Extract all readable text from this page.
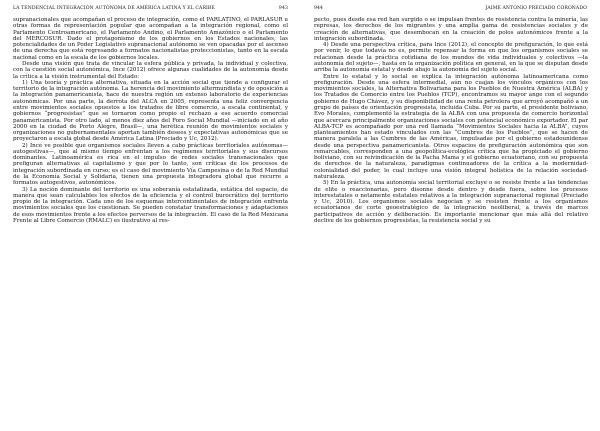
LA TENDENCIAL INTEGRACIÓN AUTÓNOMA DE AMÉRICA LATINA Y EL CARIBE	943

supranacionales que acompañan el proceso de integración, como el PARLATINO, el PARLASUR u otras formas de representación popular que acompañan a la integración regional, como el Parlamento Centroamericano, el Parlamento Andino, el Parlamento Amazónico o el Parlamento del MERCOSUR. Dado el protagonismo de los gobiernos en los Estados nacionales, las potencialidades de un Poder Legislativo supranacional autónomo se ven opacadas por el ascenso de una derecha que está regresando a formatos nacionalistas proteccionistas, tanto en la escala nacional como en la escala de los gobiernos locales.

Desde una visión que trata de vincular la esfera pública y privada, la individual y colectiva, con la cuestión social autonómica, Ince (2012) ofrece algunas cualidades de la autonomía desde la crítica a la visión instrumental del Estado:

1) Una teoría y práctica alternativa, situada en la acción social que tiende a configurar el territorio de la integración autónoma. La herencia del movimiento altermundista y de oposición a la integración panamericanista, hace de nuestra región un extenso laboratorio de experiencias autonómicas. Por una parte, la derrota del ALCA en 2005, representa una feliz convergencia entre movimientos sociales opuestos a los tratados de libre comercio, a escala continental, y gobiernos “progresistas” que se tornaron como propio el rechazo a ese acuerdo comercial panamericanista. Por otro lado, al menos diez años del Foro Social Mundial —iniciado en el año 2000 en la ciudad de Porto Alegre, Brasil—, una herética reunión de movimientos sociales y organizaciones no gubernamentales aportan también deseos y expectativas autonómicas que se proyectaron a escala global desde América Latina (Preciado y Uc, 2012).

2) Ince ve posible que organismos sociales lleven a cabo prácticas territoriales autónomas—autogestivas—, que al mismo tiempo enfrentan a los regímenes territoriales y sus discursos dominantes. Latinoamérica es rica en el impulso de redes sociales transnacionales que prefiguran alternativas al capitalismo y que por lo tanto, son críticas de los procesos de integración subordinada en curso; es el caso del movimiento Vía Campesina o de la Red Mundial de la Economía Social y Solidaria, tienen una propuesta integradora global que recurre a formatos autogestivos, autonómicos.

3) La noción dominante del territorio es una soberanía estatalizada, estática del espacio, de manera que sean calculables los efectos de la eficiencia y el control burocrático del territorio propio de la integración. Cada uno de los esquemas intercontinentales de integración enfrenta movimientos sociales que los cuestionan. Se pueden constatar transformaciones y adaptaciones de esos movimientos frente a los efectos perversos de la integración. El caso de la Red Mexicana Frente al Libre Comercio (RMALC) es ilustrativo al res-

944	JAIME ANTONIO PRECIADO CORONADO

pecto, pues desde esa red han surgido o se impulsan frentes de resistencia contra la minería, las represas, los derechos de los migrantes y una amplia gama de resistencias sociales y de creación de alternativas, que desembocan en la creación de polos autonómicos frente a la integración subordinada.

4) Desde una perspectiva crítica, para Ince (2012), el concepto de prefiguración, lo que está por venir, lo que todavía no es, permite repensar la forma en que los organismos sociales se relacionan desde la práctica cotidiana de los mundos de vida individuales y colectivos —la autonomía del sujeto—, hasta en la organización política en general, en la que se disputan desde arriba la autonomía estatal y desde abajo la autonomía del sujeto social.

Entre lo estatal y lo social se explica la integración autónoma latinoamericana como prefiguración. Desde una esfera intermedial, aún no cuajan los vínculos orgánicos con los movimientos sociales, la Alternativa Bolivariana para los Pueblos de Nuestra América (ALBA) y los Tratados de Comercio entre los Pueblos (TCP), encontramos su mayor ange con el segundo gobierno de Hugo Chávez, y su disponibilidad de una renta petrolera que arroyó acompañó a un grupo de países de orientación progresista, incluida Cuba. Por su parte, el presidente boliviano, Evo Morales, complementó la estrategia de la ALBA con una propuesta de comercio horizontal que acercara principalmente organizaciones sociales con potencial económico exportador. El par ALBA-TCP es acompañado por una red llamada “Movimientos Sociales hacia la ALBA”, cuyos planteamientos han estado vinculados con las “Cumbres de los Pueblos”, que se hacen de manera paralela a las Cumbres de las Américas, impulsadas por el gobierno estadounidense desde una perspectiva panamericanista. Otros espacios de prefiguración autonómica que son remarcables, corresponden a una geopolítica-ecológica crítica que ha propiciado el gobierno boliviano, con su reivindicación de la Pacha Mama y el gobierno ecuatoriano, con su propuesta de derechos de la naturaleza, paradigmas continuadores de la crítica a la modernidad-colonialidad del poder, lo cual incluye una visión integral holística de la relación sociedad-naturaleza.

5) En la práctica, una autonomía social territorial excluye o se resiste frente a las tendencias de elite o reaccionarias, pero disonne desde dentro y desde fuera, sobre los procesos interestatales o netamente estatales relativos a la integración supranacional regional (Preciado y Uc, 2010). Los organismos sociales negocian y se resisten frente a los organismos ecuatorianos de corte geoestratégico de la integración neoliberal, a través de marcos participativos de acción y deliberación. Es importante mencionar que más allá del relativo declive de los gobiernos progresistas, la resistencia social y su
